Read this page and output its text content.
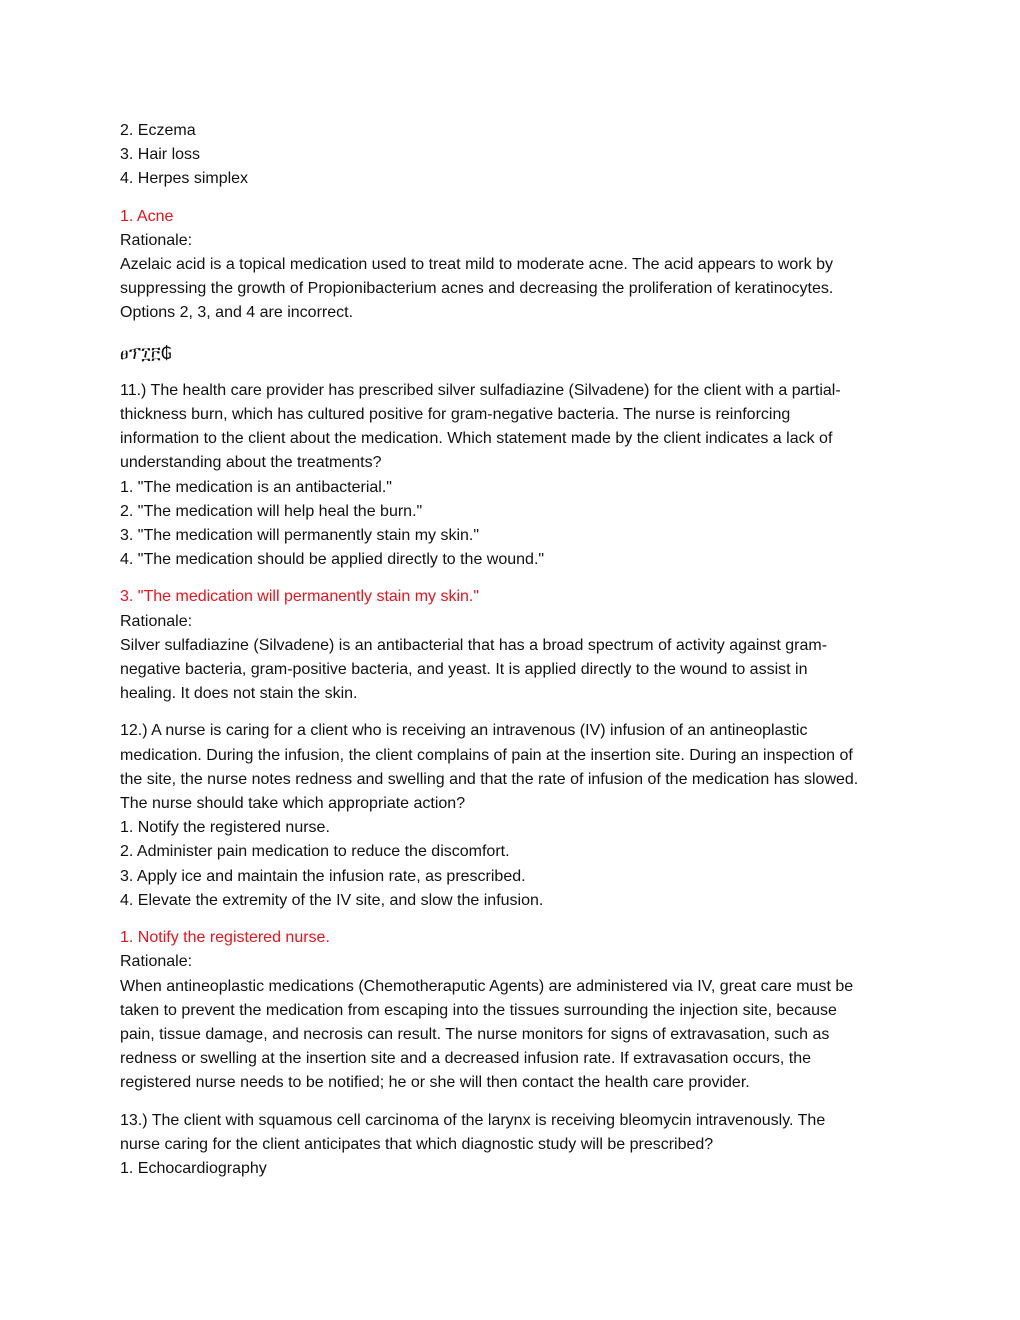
2. Eczema
3. Hair loss
4. Herpes simplex
1. Acne
Rationale:
Azelaic acid is a topical medication used to treat mild to moderate acne. The acid appears to work by
suppressing the growth of Propionibacterium acnes and decreasing the proliferation of keratinocytes.
Options 2, 3, and 4 are incorrect.
ፀፕ፲፫₲
11.) The health care provider has prescribed silver sulfadiazine (Silvadene) for the client with a partial-
thickness burn, which has cultured positive for gram-negative bacteria. The nurse is reinforcing
information to the client about the medication. Which statement made by the client indicates a lack of
understanding about the treatments?
1. "The medication is an antibacterial."
2. "The medication will help heal the burn."
3. "The medication will permanently stain my skin."
4. "The medication should be applied directly to the wound."
3. "The medication will permanently stain my skin."
Rationale:
Silver sulfadiazine (Silvadene) is an antibacterial that has a broad spectrum of activity against gram-
negative bacteria, gram-positive bacteria, and yeast. It is applied directly to the wound to assist in
healing. It does not stain the skin.
12.) A nurse is caring for a client who is receiving an intravenous (IV) infusion of an antineoplastic
medication. During the infusion, the client complains of pain at the insertion site. During an inspection of
the site, the nurse notes redness and swelling and that the rate of infusion of the medication has slowed.
The nurse should take which appropriate action?
1. Notify the registered nurse.
2. Administer pain medication to reduce the discomfort.
3. Apply ice and maintain the infusion rate, as prescribed.
4. Elevate the extremity of the IV site, and slow the infusion.
1. Notify the registered nurse.
Rationale:
When antineoplastic medications (Chemotheraputic Agents) are administered via IV, great care must be
taken to prevent the medication from escaping into the tissues surrounding the injection site, because
pain, tissue damage, and necrosis can result. The nurse monitors for signs of extravasation, such as
redness or swelling at the insertion site and a decreased infusion rate. If extravasation occurs, the
registered nurse needs to be notified; he or she will then contact the health care provider.
13.) The client with squamous cell carcinoma of the larynx is receiving bleomycin intravenously. The
nurse caring for the client anticipates that which diagnostic study will be prescribed?
1. Echocardiography
